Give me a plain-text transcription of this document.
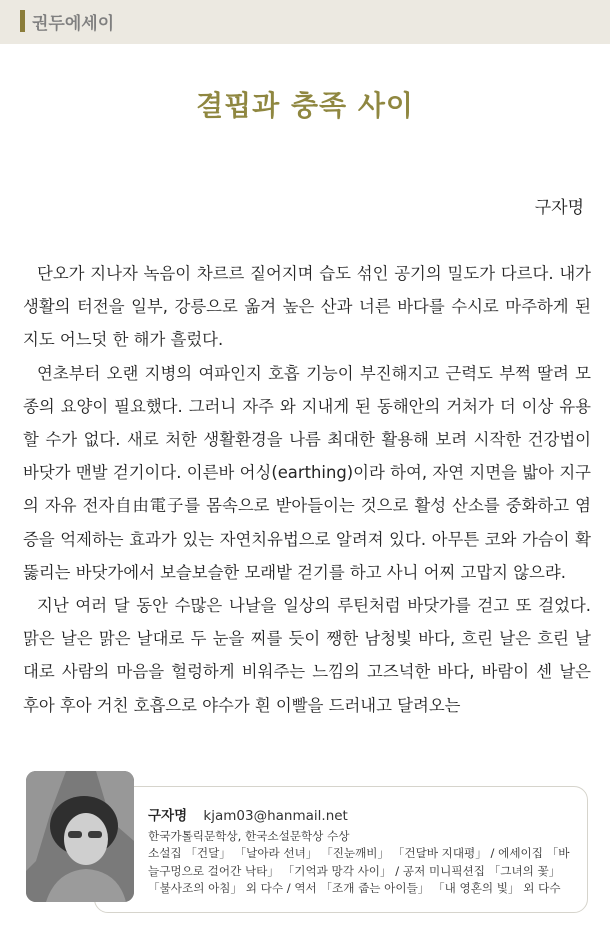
권두에세이
결핍과 충족 사이
구자명

단오가 지나자 녹음이 차르르 짙어지며 습도 섞인 공기의 밀도가 다르다. 내가 생활의 터전을 일부, 강릉으로 옮겨 높은 산과 너른 바다를 수시로 마주하게 된 지도 어느덧 한 해가 흘렀다.

연초부터 오랜 지병의 여파인지 호흡 기능이 부진해지고 근력도 부쩍 딸려 모종의 요양이 필요했다. 그러니 자주 와 지내게 된 동해안의 거처가 더 이상 유용할 수가 없다. 새로 처한 생활환경을 나름 최대한 활용해 보려 시작한 건강법이 바닷가 맨발 걷기이다. 이른바 어싱(earthing)이라 하여, 자연 지면을 밟아 지구의 자유 전자自由電子를 몸속으로 받아들이는 것으로 활성 산소를 중화하고 염증을 억제하는 효과가 있는 자연치유법으로 알려져 있다. 아무튼 코와 가슴이 확 뚫리는 바닷가에서 보슬보슬한 모래밭 걷기를 하고 사니 어찌 고맙지 않으랴.

지난 여러 달 동안 수많은 나날을 일상의 루틴처럼 바닷가를 걷고 또 걸었다. 맑은 날은 맑은 날대로 두 눈을 찌를 듯이 쨍한 남청빛 바다, 흐린 날은 흐린 날대로 사람의 마음을 헐렁하게 비워주는 느낌의 고즈넉한 바다, 바람이 센 날은 후아 후아 거친 호흡으로 야수가 흰 이빨을 드러내고 달려오는

구자명 kjam03@hanmail.net
한국가톨릭문학상, 한국소설문학상 수상
소설집 「건달」 「날아라 선녀」 「진눈깨비」 「건달바 지대평」 / 에세이집 「바늘구멍으로 걸어간 낙타」 「기억과 망각 사이」 / 공저 미니픽션집 「그녀의 꽃」 「불사조의 아침」 외 다수 / 역서 「조개 줍는 아이들」 「내 영혼의 빛」 외 다수
